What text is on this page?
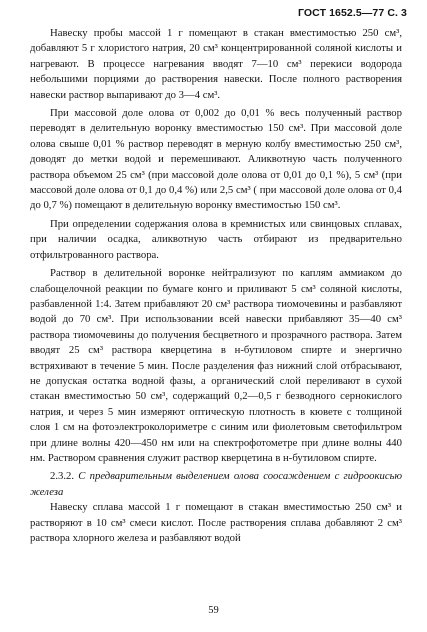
ГОСТ 1652.5—77 С. 3

Навеску пробы массой 1 г помещают в стакан вместимостью 250 см³, добавляют 5 г хлористого натрия, 20 см³ концентрированной соляной кислоты и нагревают. В процессе нагревания вводят 7—10 см³ перекиси водорода небольшими порциями до растворения навески. После полного растворения навески раствор выпаривают до 3—4 см³.

При массовой доле олова от 0,002 до 0,01 % весь полученный раствор переводят в делительную воронку вместимостью 150 см³. При массовой доле олова свыше 0,01 % раствор переводят в мерную колбу вместимостью 250 см³, доводят до метки водой и перемешивают. Аликвотную часть полученного раствора объемом 25 см³ (при массовой доле олова от 0,01 до 0,1 %), 5 см³ (при массовой доле олова от 0,1 до 0,4 %) или 2,5 см³ ( при массовой доле олова от 0,4 до 0,7 %) помещают в делительную воронку вместимостью 150 см³.

При определении содержания олова в кремнистых или свинцовых сплавах, при наличии осадка, аликвотную часть отбирают из предварительно отфильтрованного раствора.

Раствор в делительной воронке нейтрализуют по каплям аммиаком до слабощелочной реакции по бумаге конго и приливают 5 см³ соляной кислоты, разбавленной 1:4. Затем прибавляют 20 см³ раствора тиомочевины и разбавляют водой до 70 см³. При использовании всей навески прибавляют 35—40 см³ раствора тиомочевины до получения бесцветного и прозрачного раствора. Затем вводят 25 см³ раствора кверцетина в н-бутиловом спирте и энергично встряхивают в течение 5 мин. После разделения фаз нижний слой отбрасывают, не допуская остатка водной фазы, а органический слой переливают в сухой стакан вместимостью 50 см³, содержащий 0,2—0,5 г безводного сернокислого натрия, и через 5 мин измеряют оптическую плотность в кювете с толщиной слоя 1 см на фотоэлектроколориметре с синим или фиолетовым светофильтром при длине волны 420—450 нм или на спектрофотометре при длине волны 440 нм. Раствором сравнения служит раствор кверцетина в н-бутиловом спирте.

2.3.2. С предварительным выделением олова соосаждением с гидроокисью железа

Навеску сплава массой 1 г помещают в стакан вместимостью 250 см³ и растворяют в 10 см³ смеси кислот. После растворения сплава добавляют 2 см³ раствора хлорного железа и разбавляют водой

59
